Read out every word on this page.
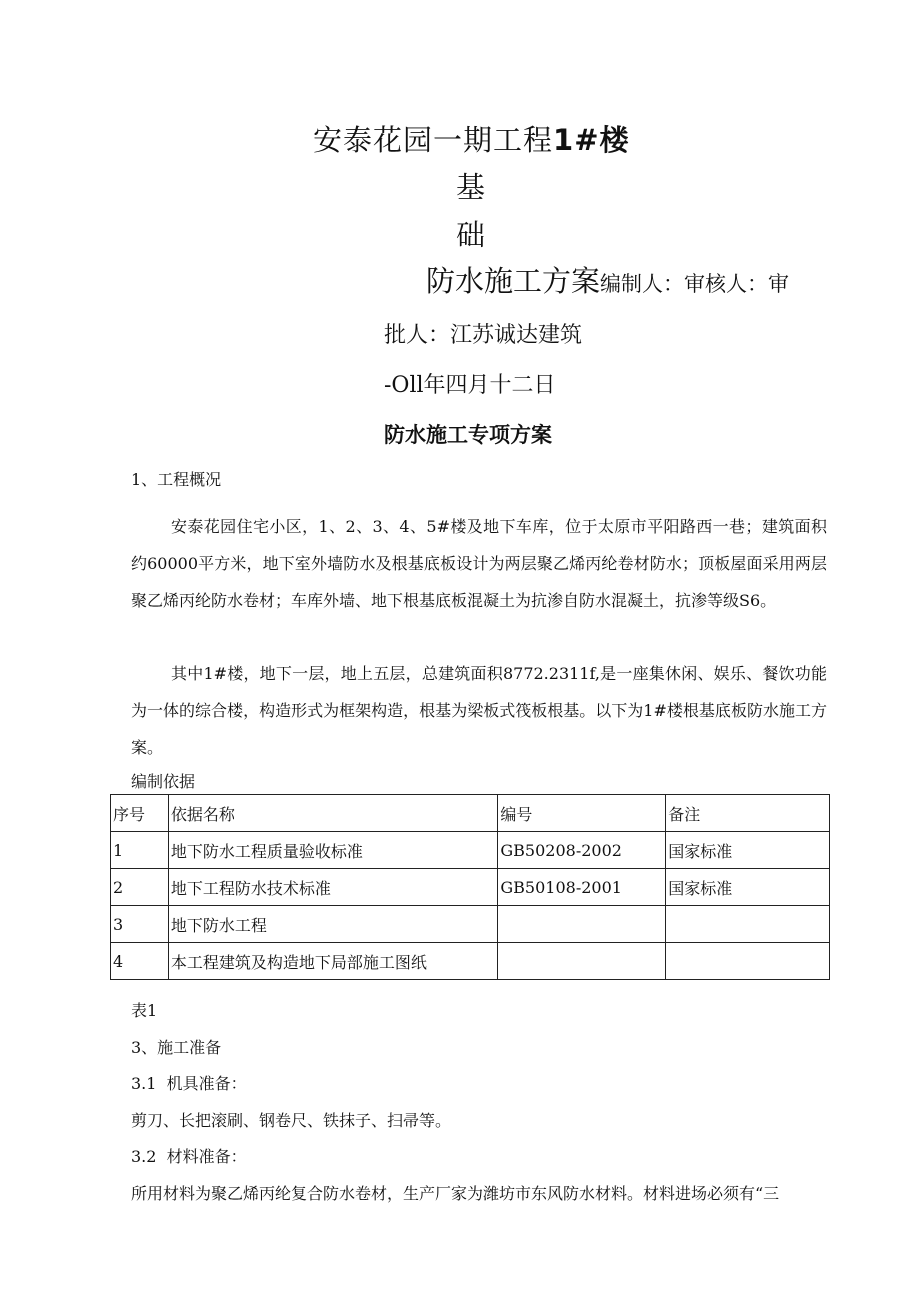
安泰花园一期工程1#楼
基
础
防水施工方案编制人：审核人：审
批人：江苏诚达建筑
-Oll年四月十二日
防水施工专项方案
1、工程概况
安泰花园住宅小区，1、2、3、4、5#楼及地下车库，位于太原市平阳路西一巷；建筑面积约60000平方米，地下室外墙防水及根基底板设计为两层聚乙烯丙纶卷材防水；顶板屋面采用两层聚乙烯丙纶防水卷材；车库外墙、地下根基底板混凝土为抗渗自防水混凝土，抗渗等级S6。
其中1#楼，地下一层，地上五层，总建筑面积8772.2311f,是一座集休闲、娱乐、餐饮功能为一体的综合楼，构造形式为框架构造，根基为梁板式筏板根基。以下为1#楼根基底板防水施工方案。
编制依据
序号	依据名称	编号	备注
1	地下防水工程质量验收标准	GB50208-2002	国家标准
2	地下工程防水技术标准	GB50108-2001	国家标准
3	地下防水工程		
4	本工程建筑及构造地下局部施工图纸		
表1
3、施工准备
3.1  机具准备：
剪刀、长把滚刷、钢卷尺、铁抹子、扫帚等。
3.2  材料准备：
所用材料为聚乙烯丙纶复合防水卷材，生产厂家为潍坊市东风防水材料。材料进场必须有“三
